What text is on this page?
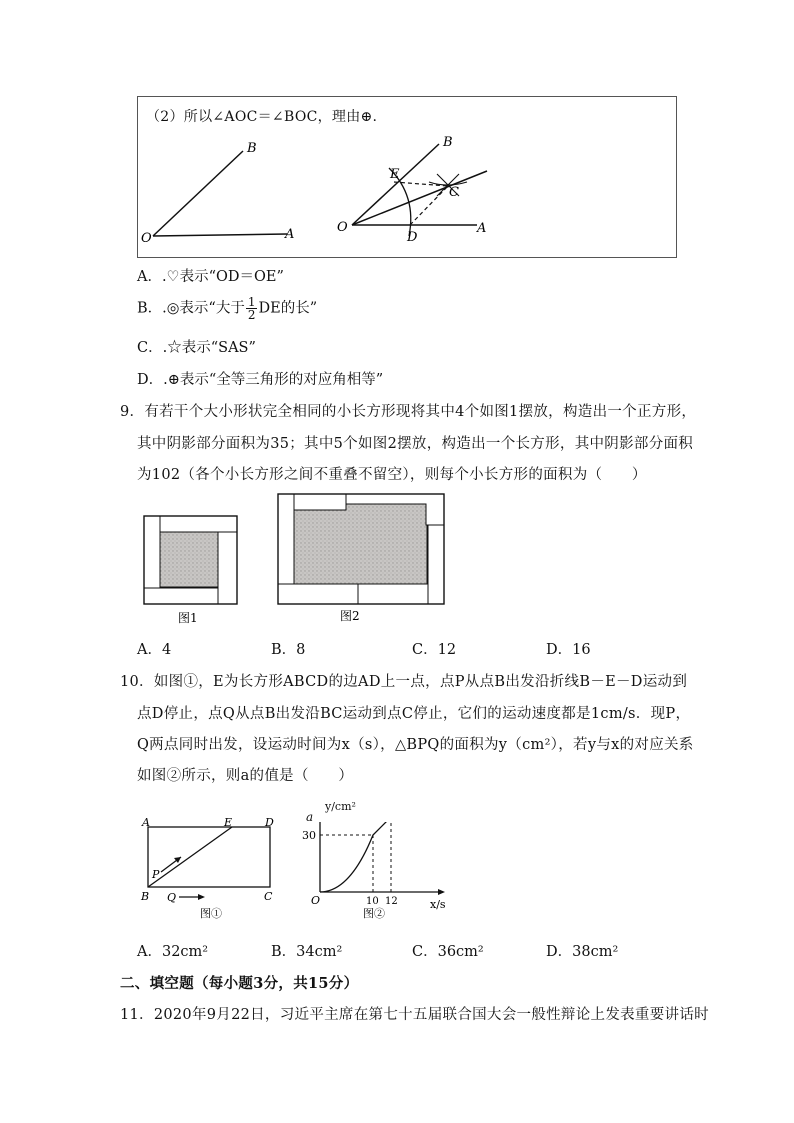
（2）所以∠AOC＝∠BOC，理由⊕.
O	A
B
O	A
B
E
C
D
A．.♡表示“OD＝OE”
B．.◎表示“大于 $\frac{1}{2}$ DE的长”
C．.☆表示“SAS”
D．.⊕表示“全等三角形的对应角相等”
9．有若干个大小形状完全相同的小长方形现将其中4个如图1摆放，构造出一个正方形，
其中阴影部分面积为35；其中5个如图2摆放，构造出一个长方形，其中阴影部分面积
为102（各个小长方形之间不重叠不留空），则每个小长方形的面积为（　　）
图1	图2
A．4	B．8	C．12	D．16
10．如图①，E为长方形ABCD的边AD上一点，点P从点B出发沿折线B－E－D运动到
点D停止，点Q从点B出发沿BC运动到点C停止，它们的运动速度都是1cm/s．现P，
Q两点同时出发，设运动时间为x（s），△BPQ的面积为y（cm²），若y与x的对应关系
如图②所示，则a的值是（　　）
A	E	D
B	C
P
Q
图①
O
30
x/s
10 12
图②
y/cm²
a
A．32cm²	B．34cm²	C．36cm²	D．38cm²
二、填空题（每小题3分，共15分）
11．2020年9月22日，习近平主席在第七十五届联合国大会一般性辩论上发表重要讲话时
